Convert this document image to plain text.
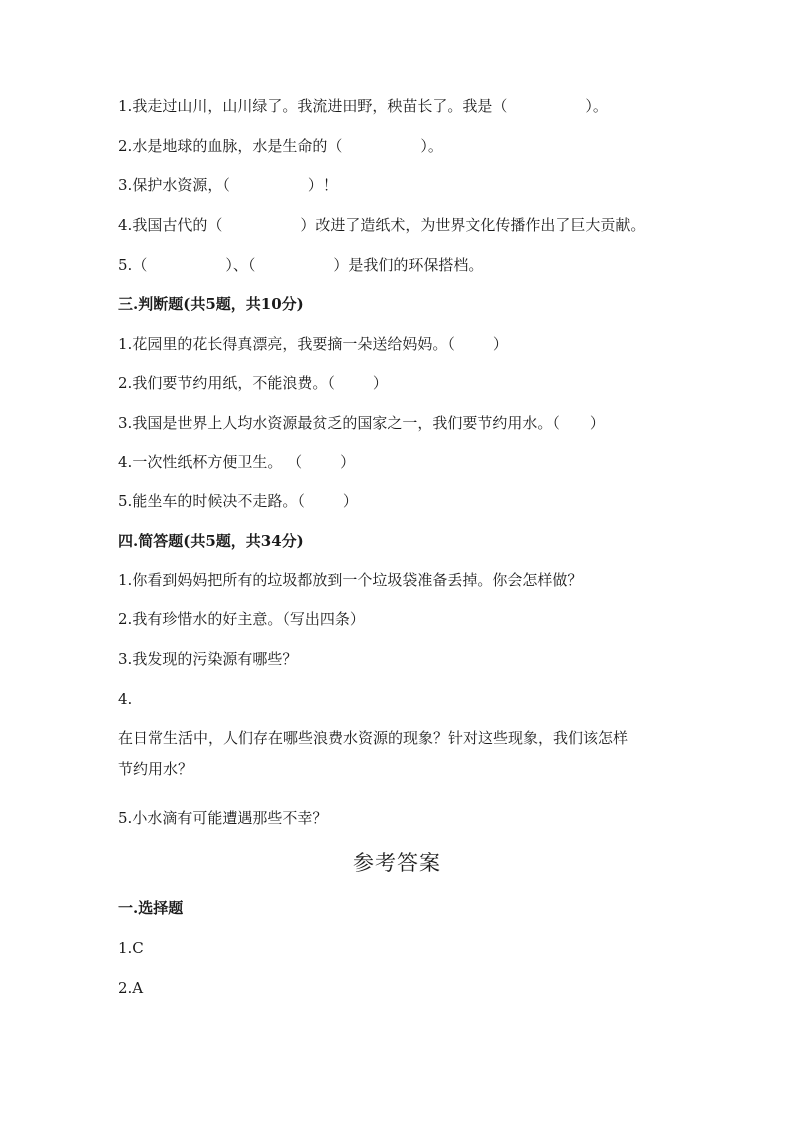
1.我走过山川，山川绿了。我流进田野，秧苗长了。我是（	）。
2.水是地球的血脉，水是生命的（	）。
3.保护水资源，（	）！
4.我国古代的（	）改进了造纸术，为世界文化传播作出了巨大贡献。
5.（	）、（	）是我们的环保搭档。
三.判断题(共5题，共10分)
1.花园里的花长得真漂亮，我要摘一朵送给妈妈。（	）
2.我们要节约用纸，不能浪费。（	）
3.我国是世界上人均水资源最贫乏的国家之一，我们要节约用水。（ ）
4.一次性纸杯方便卫生。 （	）
5.能坐车的时候决不走路。（	）
四.简答题(共5题，共34分)
1.你看到妈妈把所有的垃圾都放到一个垃圾袋准备丢掉。你会怎样做？
2.我有珍惜水的好主意。（写出四条）
3.我发现的污染源有哪些？
4.
在日常生活中，人们存在哪些浪费水资源的现象？针对这些现象，我们该怎样
节约用水？
5.小水滴有可能遭遇那些不幸？
参考答案
一.选择题
1.C
2.A
